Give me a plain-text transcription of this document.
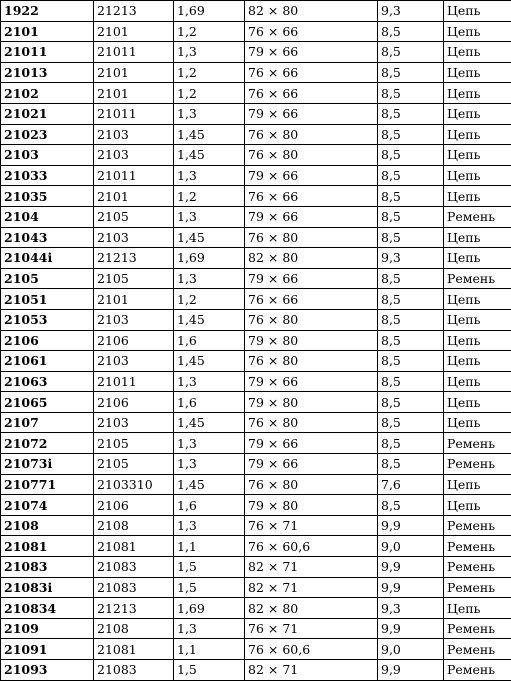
1922	21213	1,69	82 × 80	9,3	Цепь
2101	2101	1,2	76 × 66	8,5	Цепь
21011	21011	1,3	79 × 66	8,5	Цепь
21013	2101	1,2	76 × 66	8,5	Цепь
2102	2101	1,2	76 × 66	8,5	Цепь
21021	21011	1,3	79 × 66	8,5	Цепь
21023	2103	1,45	76 × 80	8,5	Цепь
2103	2103	1,45	76 × 80	8,5	Цепь
21033	21011	1,3	79 × 66	8,5	Цепь
21035	2101	1,2	76 × 66	8,5	Цепь
2104	2105	1,3	79 × 66	8,5	Ремень
21043	2103	1,45	76 × 80	8,5	Цепь
21044i	21213	1,69	82 × 80	9,3	Цепь
2105	2105	1,3	79 × 66	8,5	Ремень
21051	2101	1,2	76 × 66	8,5	Цепь
21053	2103	1,45	76 × 80	8,5	Цепь
2106	2106	1,6	79 × 80	8,5	Цепь
21061	2103	1,45	76 × 80	8,5	Цепь
21063	21011	1,3	79 × 66	8,5	Цепь
21065	2106	1,6	79 × 80	8,5	Цепь
2107	2103	1,45	76 × 80	8,5	Цепь
21072	2105	1,3	79 × 66	8,5	Ремень
21073i	2105	1,3	79 × 66	8,5	Ремень
210771	2103310	1,45	76 × 80	7,6	Цепь
21074	2106	1,6	79 × 80	8,5	Цепь
2108	2108	1,3	76 × 71	9,9	Ремень
21081	21081	1,1	76 × 60,6	9,0	Ремень
21083	21083	1,5	82 × 71	9,9	Ремень
21083i	21083	1,5	82 × 71	9,9	Ремень
210834	21213	1,69	82 × 80	9,3	Цепь
2109	2108	1,3	76 × 71	9,9	Ремень
21091	21081	1,1	76 × 60,6	9,0	Ремень
21093	21083	1,5	82 × 71	9,9	Ремень
